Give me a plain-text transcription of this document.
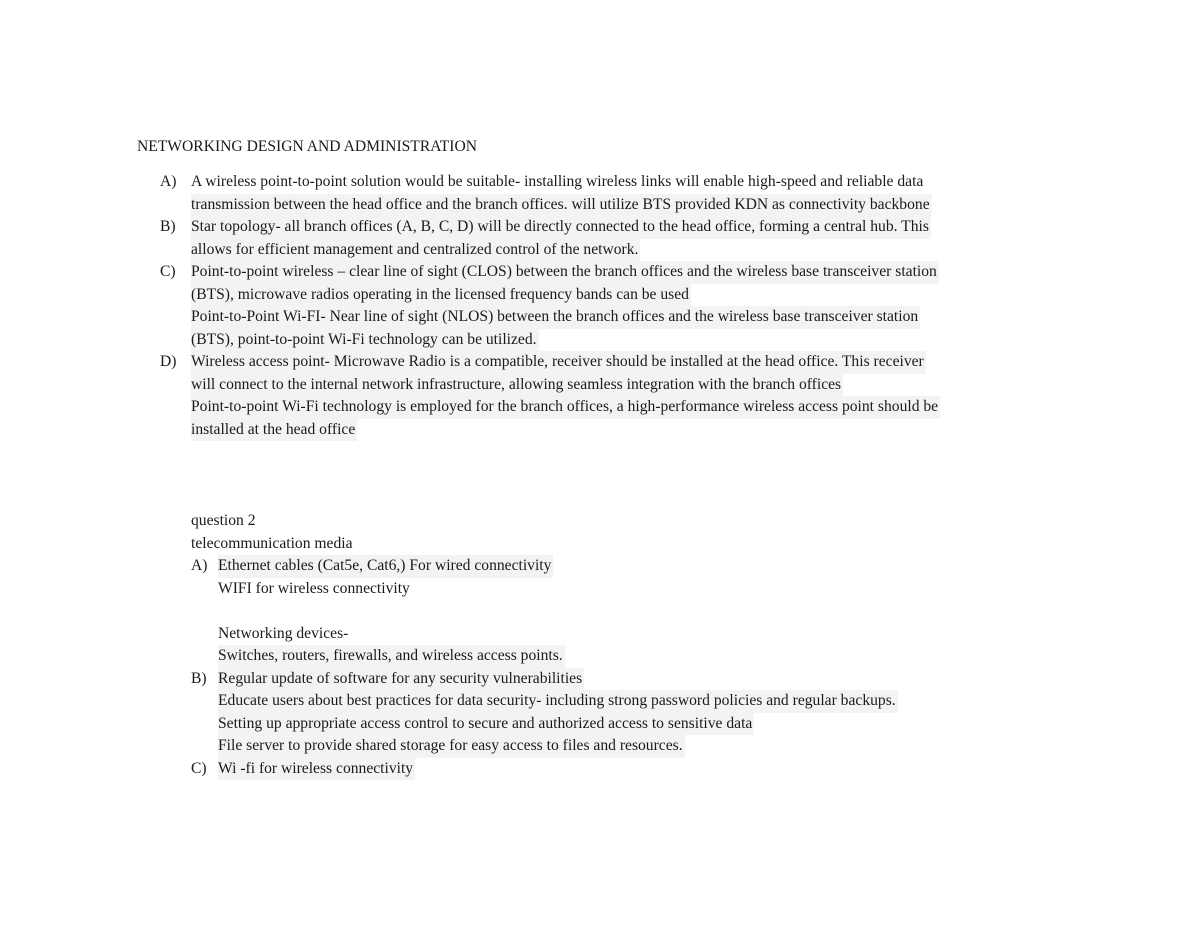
NETWORKING DESIGN AND ADMINISTRATION
A) A wireless point-to-point solution would be suitable- installing wireless links will enable high-speed and reliable data
transmission between the head office and the branch offices. will utilize BTS provided KDN as connectivity backbone
B) Star topology- all branch offices (A, B, C, D) will be directly connected to the head office, forming a central hub. This
allows for efficient management and centralized control of the network.
C) Point-to-point wireless – clear line of sight (CLOS) between the branch offices and the wireless base transceiver station
(BTS), microwave radios operating in the licensed frequency bands can be used
Point-to-Point Wi-FI- Near line of sight (NLOS) between the branch offices and the wireless base transceiver station
(BTS), point-to-point Wi-Fi technology can be utilized.
D) Wireless access point- Microwave Radio is a compatible, receiver should be installed at the head office. This receiver
will connect to the internal network infrastructure, allowing seamless integration with the branch offices
Point-to-point Wi-Fi technology is employed for the branch offices, a high-performance wireless access point should be
installed at the head office
question 2
telecommunication media
A) Ethernet cables (Cat5e, Cat6,) For wired connectivity
WIFI for wireless connectivity
Networking devices-
Switches, routers, firewalls, and wireless access points.
B) Regular update of software for any security vulnerabilities
Educate users about best practices for data security- including strong password policies and regular backups.
Setting up appropriate access control to secure and authorized access to sensitive data
File server to provide shared storage for easy access to files and resources.
C) Wi -fi for wireless connectivity
